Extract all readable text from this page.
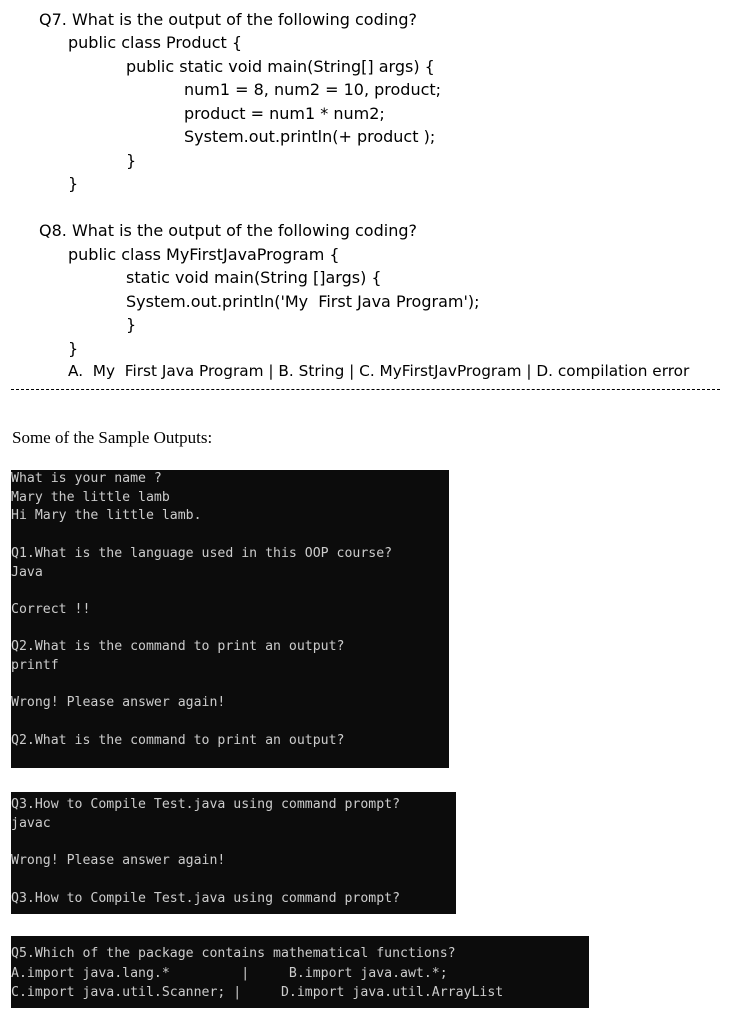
Q7. What is the output of the following coding?
public class Product {
public static void main(String[] args) {
num1 = 8, num2 = 10, product;
product = num1 * num2;
System.out.println(+ product );
}
}
Q8. What is the output of the following coding?
public class MyFirstJavaProgram {
static void main(String []args) {
System.out.println('My  First Java Program');
}
}
A.  My  First Java Program | B. String | C. MyFirstJavProgram | D. compilation error
Some of the Sample Outputs:
What is your name ?
Mary the little lamb
Hi Mary the little lamb.
Q1.What is the language used in this OOP course?
Java
Correct !!
Q2.What is the command to print an output?
printf
Wrong! Please answer again!
Q2.What is the command to print an output?
Q3.How to Compile Test.java using command prompt?
javac
Wrong! Please answer again!
Q3.How to Compile Test.java using command prompt?
Q5.Which of the package contains mathematical functions?
A.import java.lang.*         |     B.import java.awt.*;
C.import java.util.Scanner; |     D.import java.util.ArrayList
